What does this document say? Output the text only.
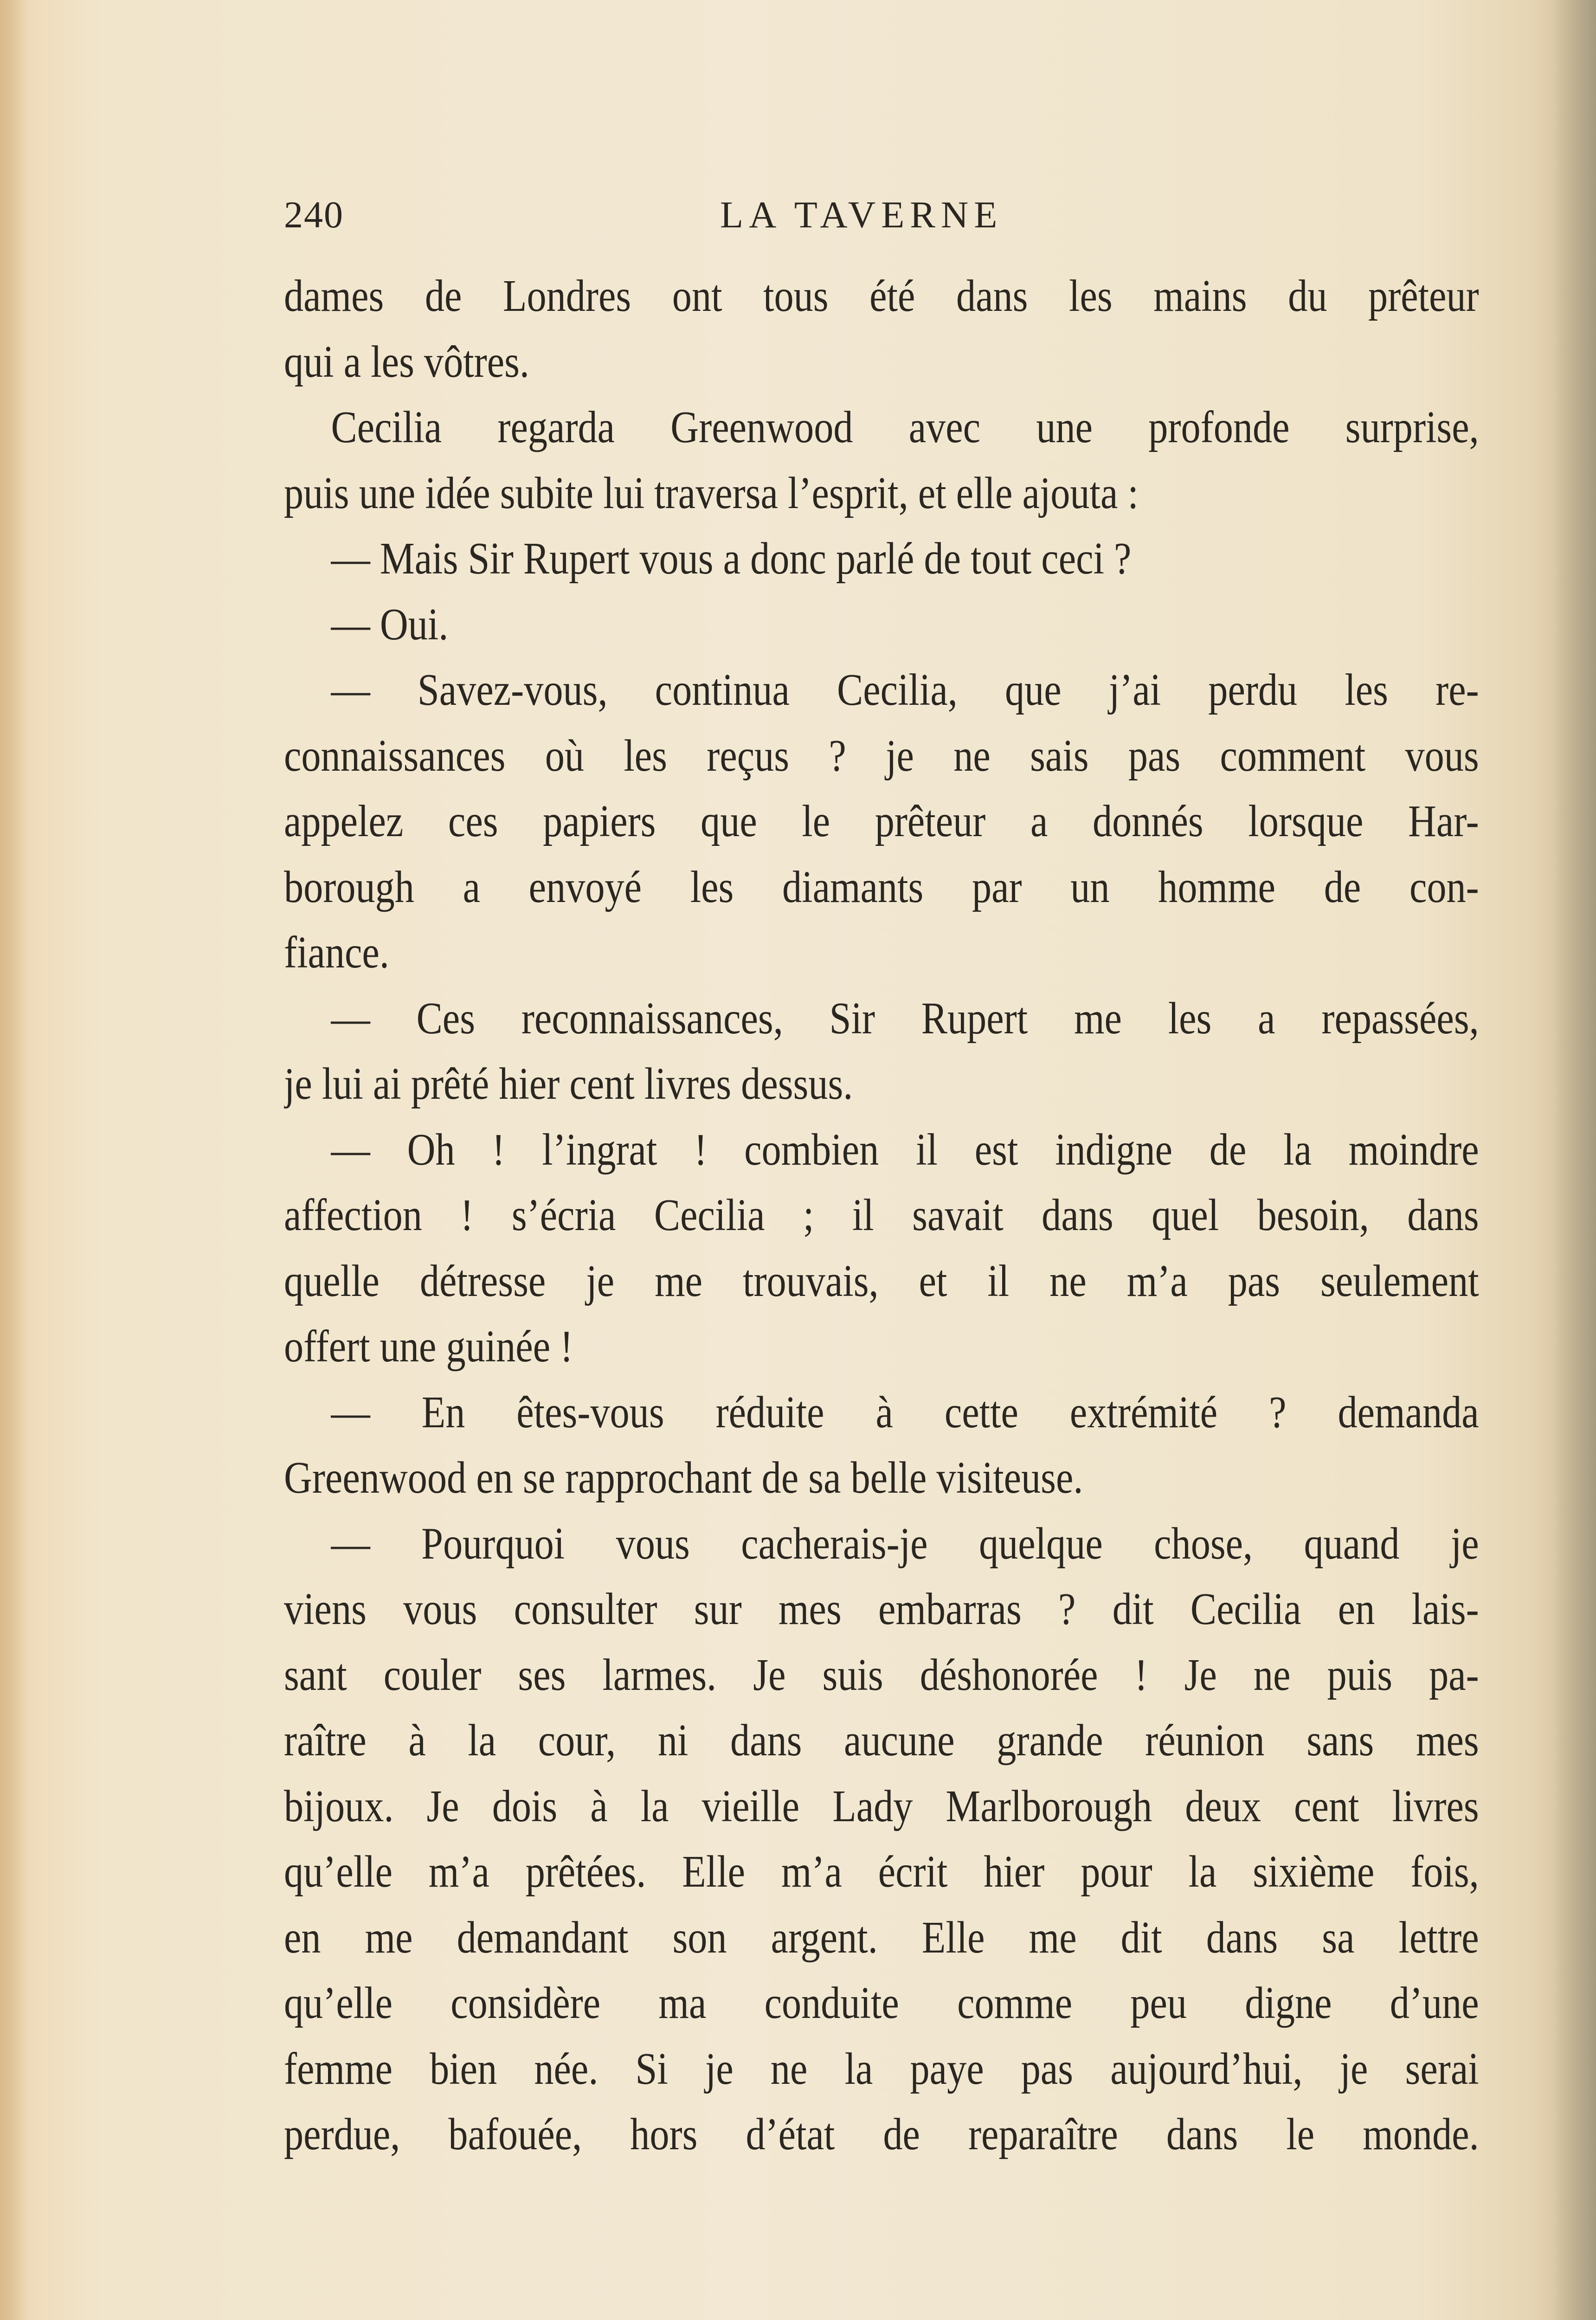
240	LA TAVERNE
dames de Londres ont tous été dans les mains du prêteur
qui a les vôtres.
Cecilia regarda Greenwood avec une profonde surprise,
puis une idée subite lui traversa l’esprit, et elle ajouta :
— Mais Sir Rupert vous a donc parlé de tout ceci ?
— Oui.
— Savez-vous, continua Cecilia, que j’ai perdu les re-
connaissances où les reçus ? je ne sais pas comment vous
appelez ces papiers que le prêteur a donnés lorsque Har-
borough a envoyé les diamants par un homme de con-
fiance.
— Ces reconnaissances, Sir Rupert me les a repassées,
je lui ai prêté hier cent livres dessus.
— Oh ! l’ingrat ! combien il est indigne de la moindre
affection ! s’écria Cecilia ; il savait dans quel besoin, dans
quelle détresse je me trouvais, et il ne m’a pas seulement
offert une guinée !
— En êtes-vous réduite à cette extrémité ? demanda
Greenwood en se rapprochant de sa belle visiteuse.
— Pourquoi vous cacherais-je quelque chose, quand je
viens vous consulter sur mes embarras ? dit Cecilia en lais-
sant couler ses larmes. Je suis déshonorée ! Je ne puis pa-
raître à la cour, ni dans aucune grande réunion sans mes
bijoux. Je dois à la vieille Lady Marlborough deux cent livres
qu’elle m’a prêtées. Elle m’a écrit hier pour la sixième fois,
en me demandant son argent. Elle me dit dans sa lettre
qu’elle considère ma conduite comme peu digne d’une
femme bien née. Si je ne la paye pas aujourd’hui, je serai
perdue, bafouée, hors d’état de reparaître dans le monde.
